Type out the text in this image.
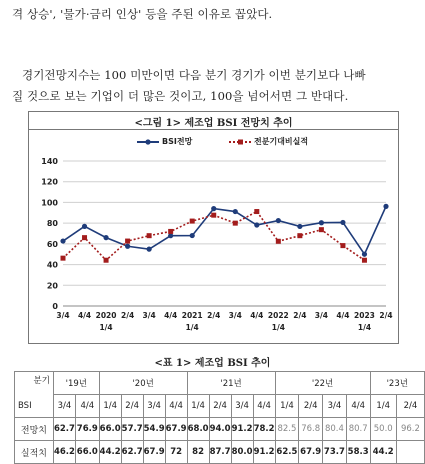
격 상승', '물가·금리 인상' 등을 주된 이유로 꼽았다.
경기전망지수는 100 미만이면 다음 분기 경기가 이번 분기보다 나빠
질 것으로 보는 기업이 더 많은 것이고, 100을 넘어서면 그 반대다.
<그림 1> 제조업 BSI 전망치 추이
BSI전망	전분기대비실적
0
20
40
60
80
100
120
140
3/4 4/4 2020
1/4
2/4 3/4 4/4 2021
1/4
2/4 3/4 4/4 2022
1/4
2/4 3/4 4/4 2023
1/4
2/4
<표 1> 제조업 BSI 추이
분기
BSI	'19년		'20년				'21년				'22년				'23년	
	3/4	4/4	1/4	2/4	3/4	4/4	1/4	2/4	3/4	4/4	1/4	2/4	3/4	4/4	1/4	2/4
전망치	62.7	76.9	66.0	57.7	54.9	67.9	68.0	94.0	91.2	78.2	82.5	76.8	80.4	80.7	50.0	96.2
실적치	46.2	66.0	44.2	62.7	67.9	72	82	87.7	80.0	91.2	62.5	67.9	73.7	58.3	44.2	
